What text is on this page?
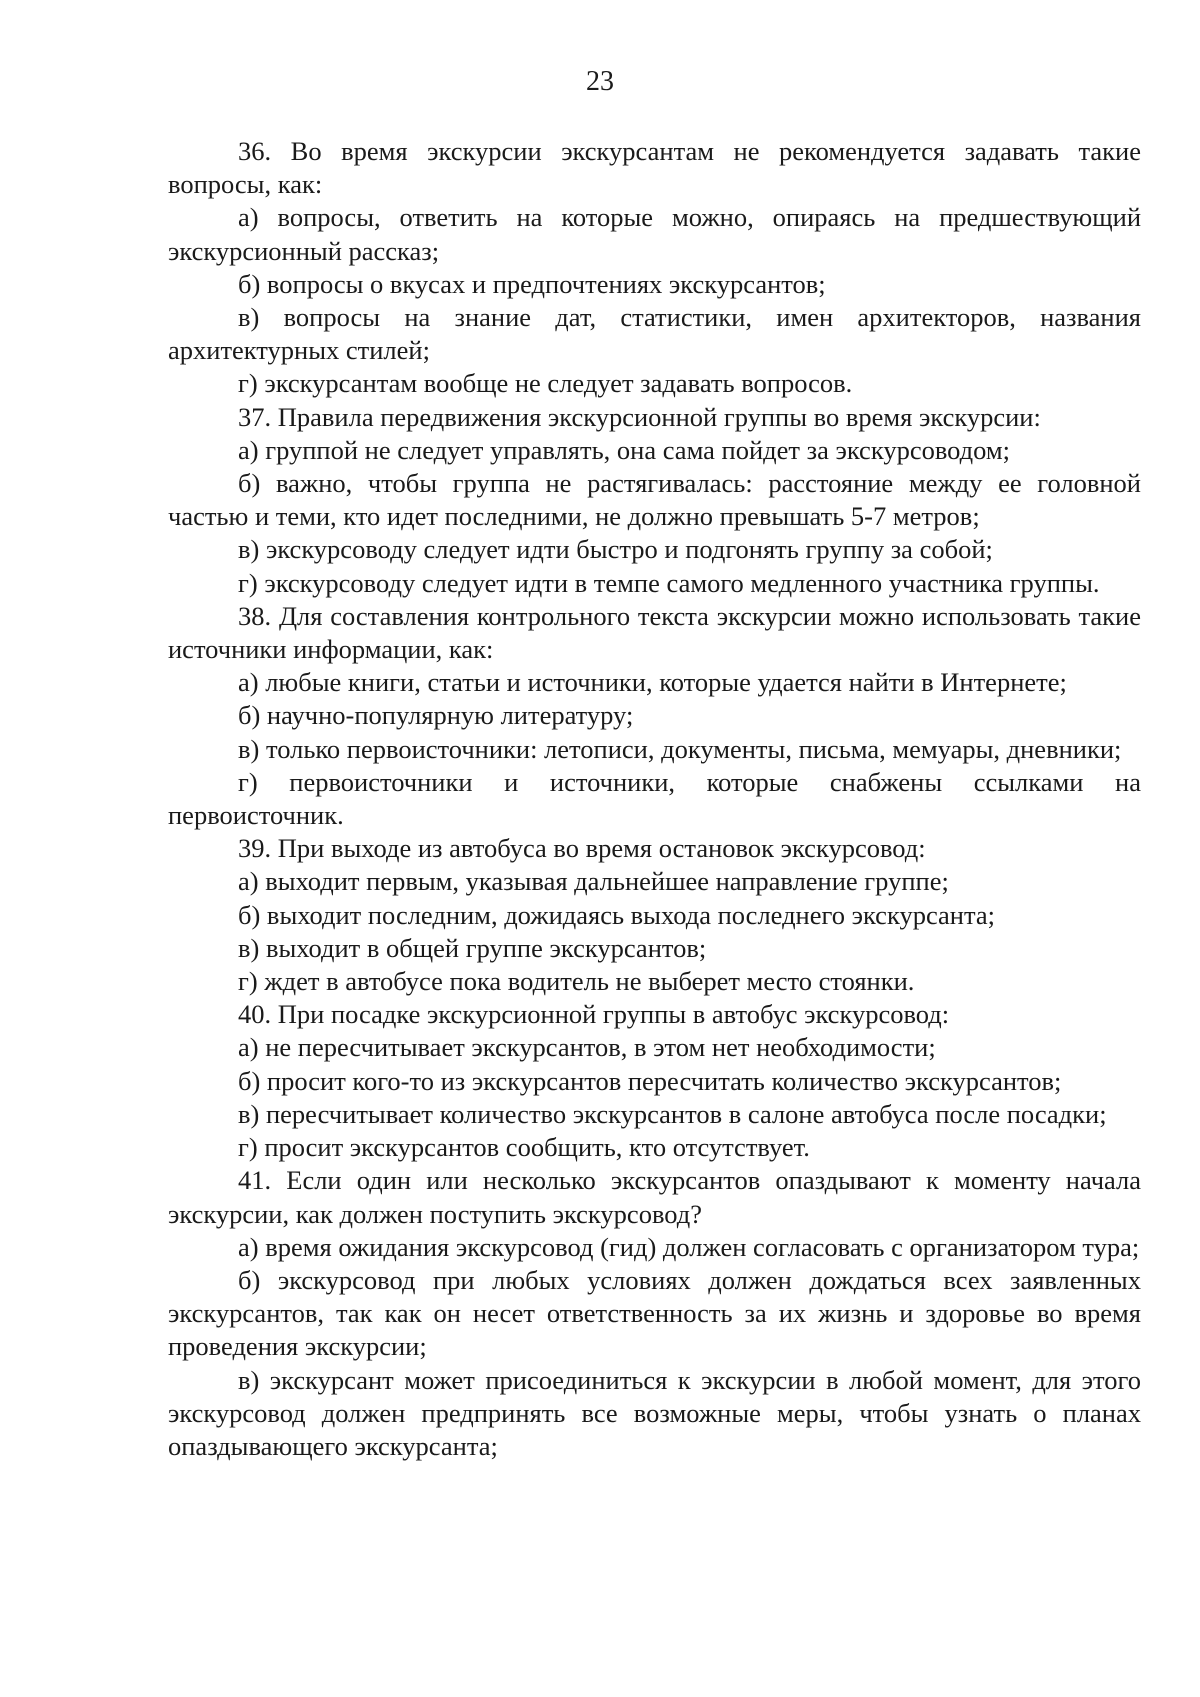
23

36. Во время экскурсии экскурсантам не рекомендуется задавать такие вопросы, как:

а) вопросы, ответить на которые можно, опираясь на предшествующий экскурсионный рассказ;

б) вопросы о вкусах и предпочтениях экскурсантов;

в) вопросы на знание дат, статистики, имен архитекторов, названия архитектурных стилей;

г) экскурсантам вообще не следует задавать вопросов.

37. Правила передвижения экскурсионной группы во время экскурсии:

а) группой не следует управлять, она сама пойдет за экскурсоводом;

б) важно, чтобы группа не растягивалась: расстояние между ее головной частью и теми, кто идет последними, не должно превышать 5-7 метров;

в) экскурсоводу следует идти быстро и подгонять группу за собой;

г) экскурсоводу следует идти в темпе самого медленного участника группы.

38. Для составления контрольного текста экскурсии можно использовать такие источники информации, как:

а) любые книги, статьи и источники, которые удается найти в Интернете;

б) научно-популярную литературу;

в) только первоисточники: летописи, документы, письма, мемуары, дневники;

г) первоисточники и источники, которые снабжены ссылками на первоисточник.

39. При выходе из автобуса во время остановок экскурсовод:

а) выходит первым, указывая дальнейшее направление группе;

б) выходит последним, дожидаясь выхода последнего экскурсанта;

в) выходит в общей группе экскурсантов;

г) ждет в автобусе пока водитель не выберет место стоянки.

40. При посадке экскурсионной группы в автобус экскурсовод:

а) не пересчитывает экскурсантов, в этом нет необходимости;

б) просит кого-то из экскурсантов пересчитать количество экскурсантов;

в) пересчитывает количество экскурсантов в салоне автобуса после посадки;

г) просит экскурсантов сообщить, кто отсутствует.

41. Если один или несколько экскурсантов опаздывают к моменту начала экскурсии, как должен поступить экскурсовод?

а) время ожидания экскурсовод (гид) должен согласовать с организатором тура;

б) экскурсовод при любых условиях должен дождаться всех заявленных экскурсантов, так как он несет ответственность за их жизнь и здоровье во время проведения экскурсии;

в) экскурсант может присоединиться к экскурсии в любой момент, для этого экскурсовод должен предпринять все возможные меры, чтобы узнать о планах опаздывающего экскурсанта;
